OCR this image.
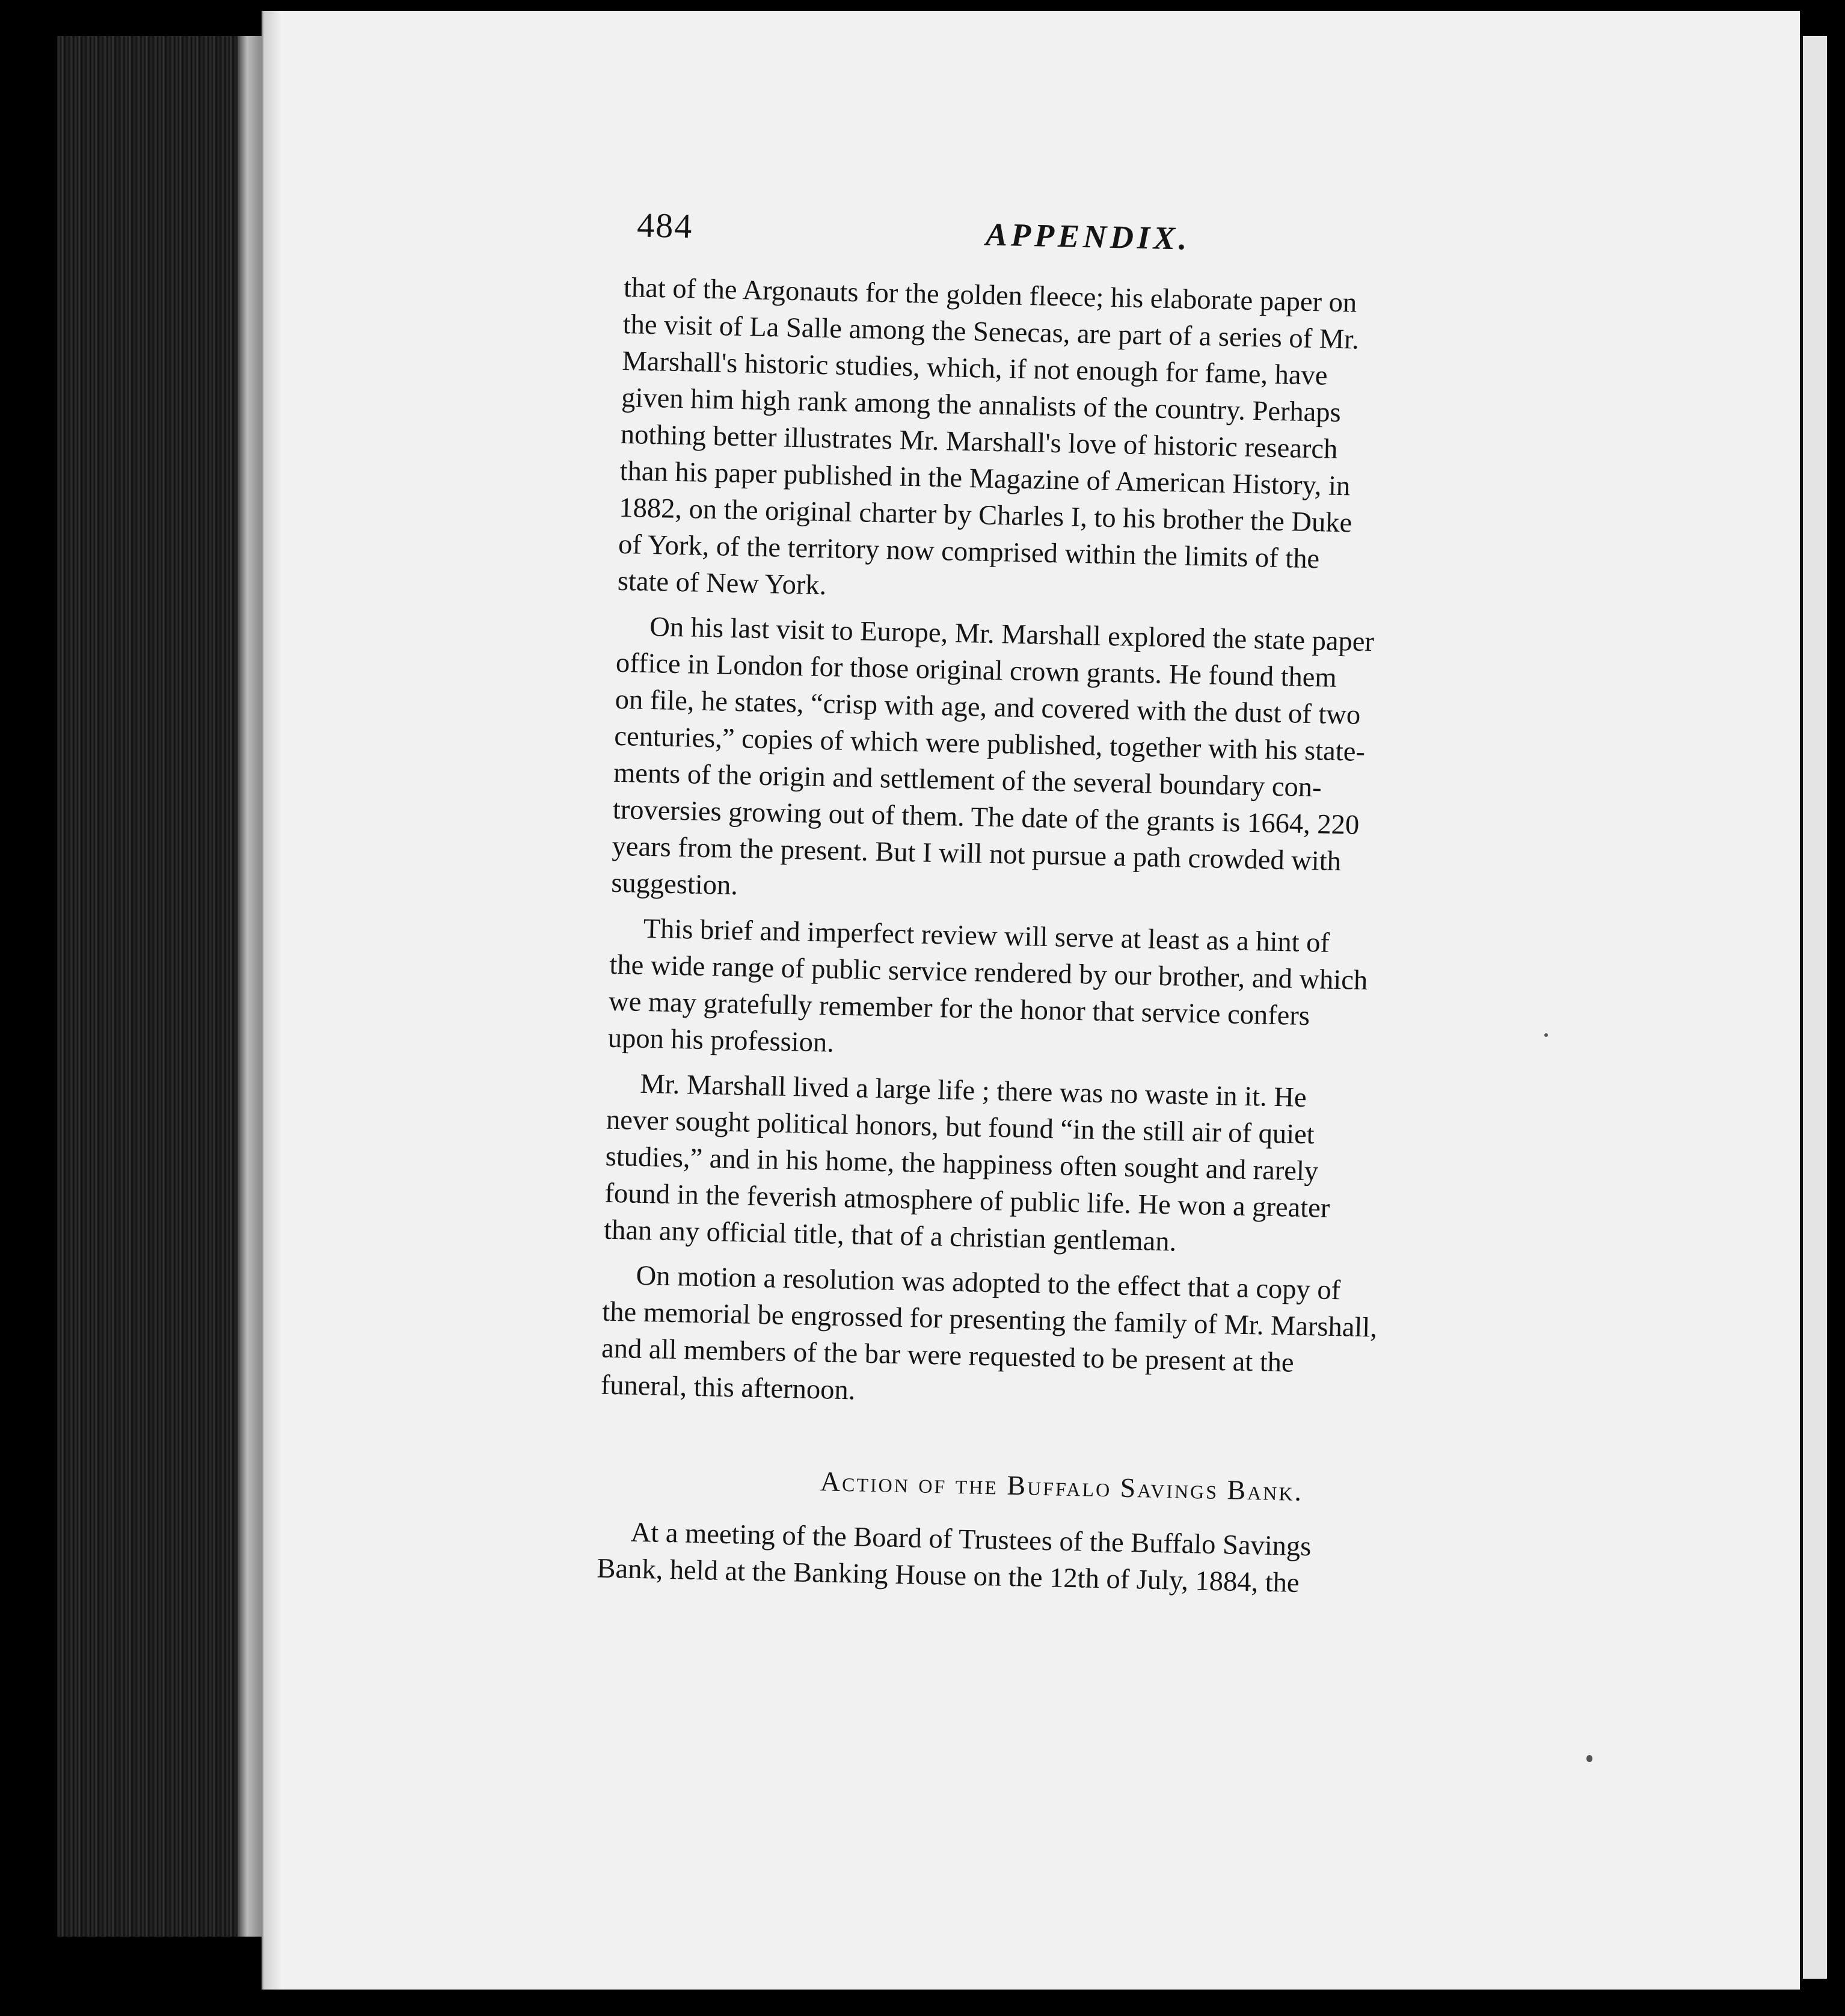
484	APPENDIX.

that of the Argonauts for the golden fleece; his elaborate paper on
the visit of La Salle among the Senecas, are part of a series of Mr.
Marshall's historic studies, which, if not enough for fame, have
given him high rank among the annalists of the country. Perhaps
nothing better illustrates Mr. Marshall's love of historic research
than his paper published in the Magazine of American History, in
1882, on the original charter by Charles I, to his brother the Duke
of York, of the territory now comprised within the limits of the
state of New York.

On his last visit to Europe, Mr. Marshall explored the state paper
office in London for those original crown grants. He found them
on file, he states, “crisp with age, and covered with the dust of two
centuries,” copies of which were published, together with his state-
ments of the origin and settlement of the several boundary con-
troversies growing out of them. The date of the grants is 1664, 220
years from the present. But I will not pursue a path crowded with
suggestion.

This brief and imperfect review will serve at least as a hint of
the wide range of public service rendered by our brother, and which
we may gratefully remember for the honor that service confers
upon his profession.

Mr. Marshall lived a large life ; there was no waste in it. He
never sought political honors, but found “in the still air of quiet
studies,” and in his home, the happiness often sought and rarely
found in the feverish atmosphere of public life. He won a greater
than any official title, that of a christian gentleman.

On motion a resolution was adopted to the effect that a copy of
the memorial be engrossed for presenting the family of Mr. Marshall,
and all members of the bar were requested to be present at the
funeral, this afternoon.

Action of the Buffalo Savings Bank.

At a meeting of the Board of Trustees of the Buffalo Savings
Bank, held at the Banking House on the 12th of July, 1884, the
